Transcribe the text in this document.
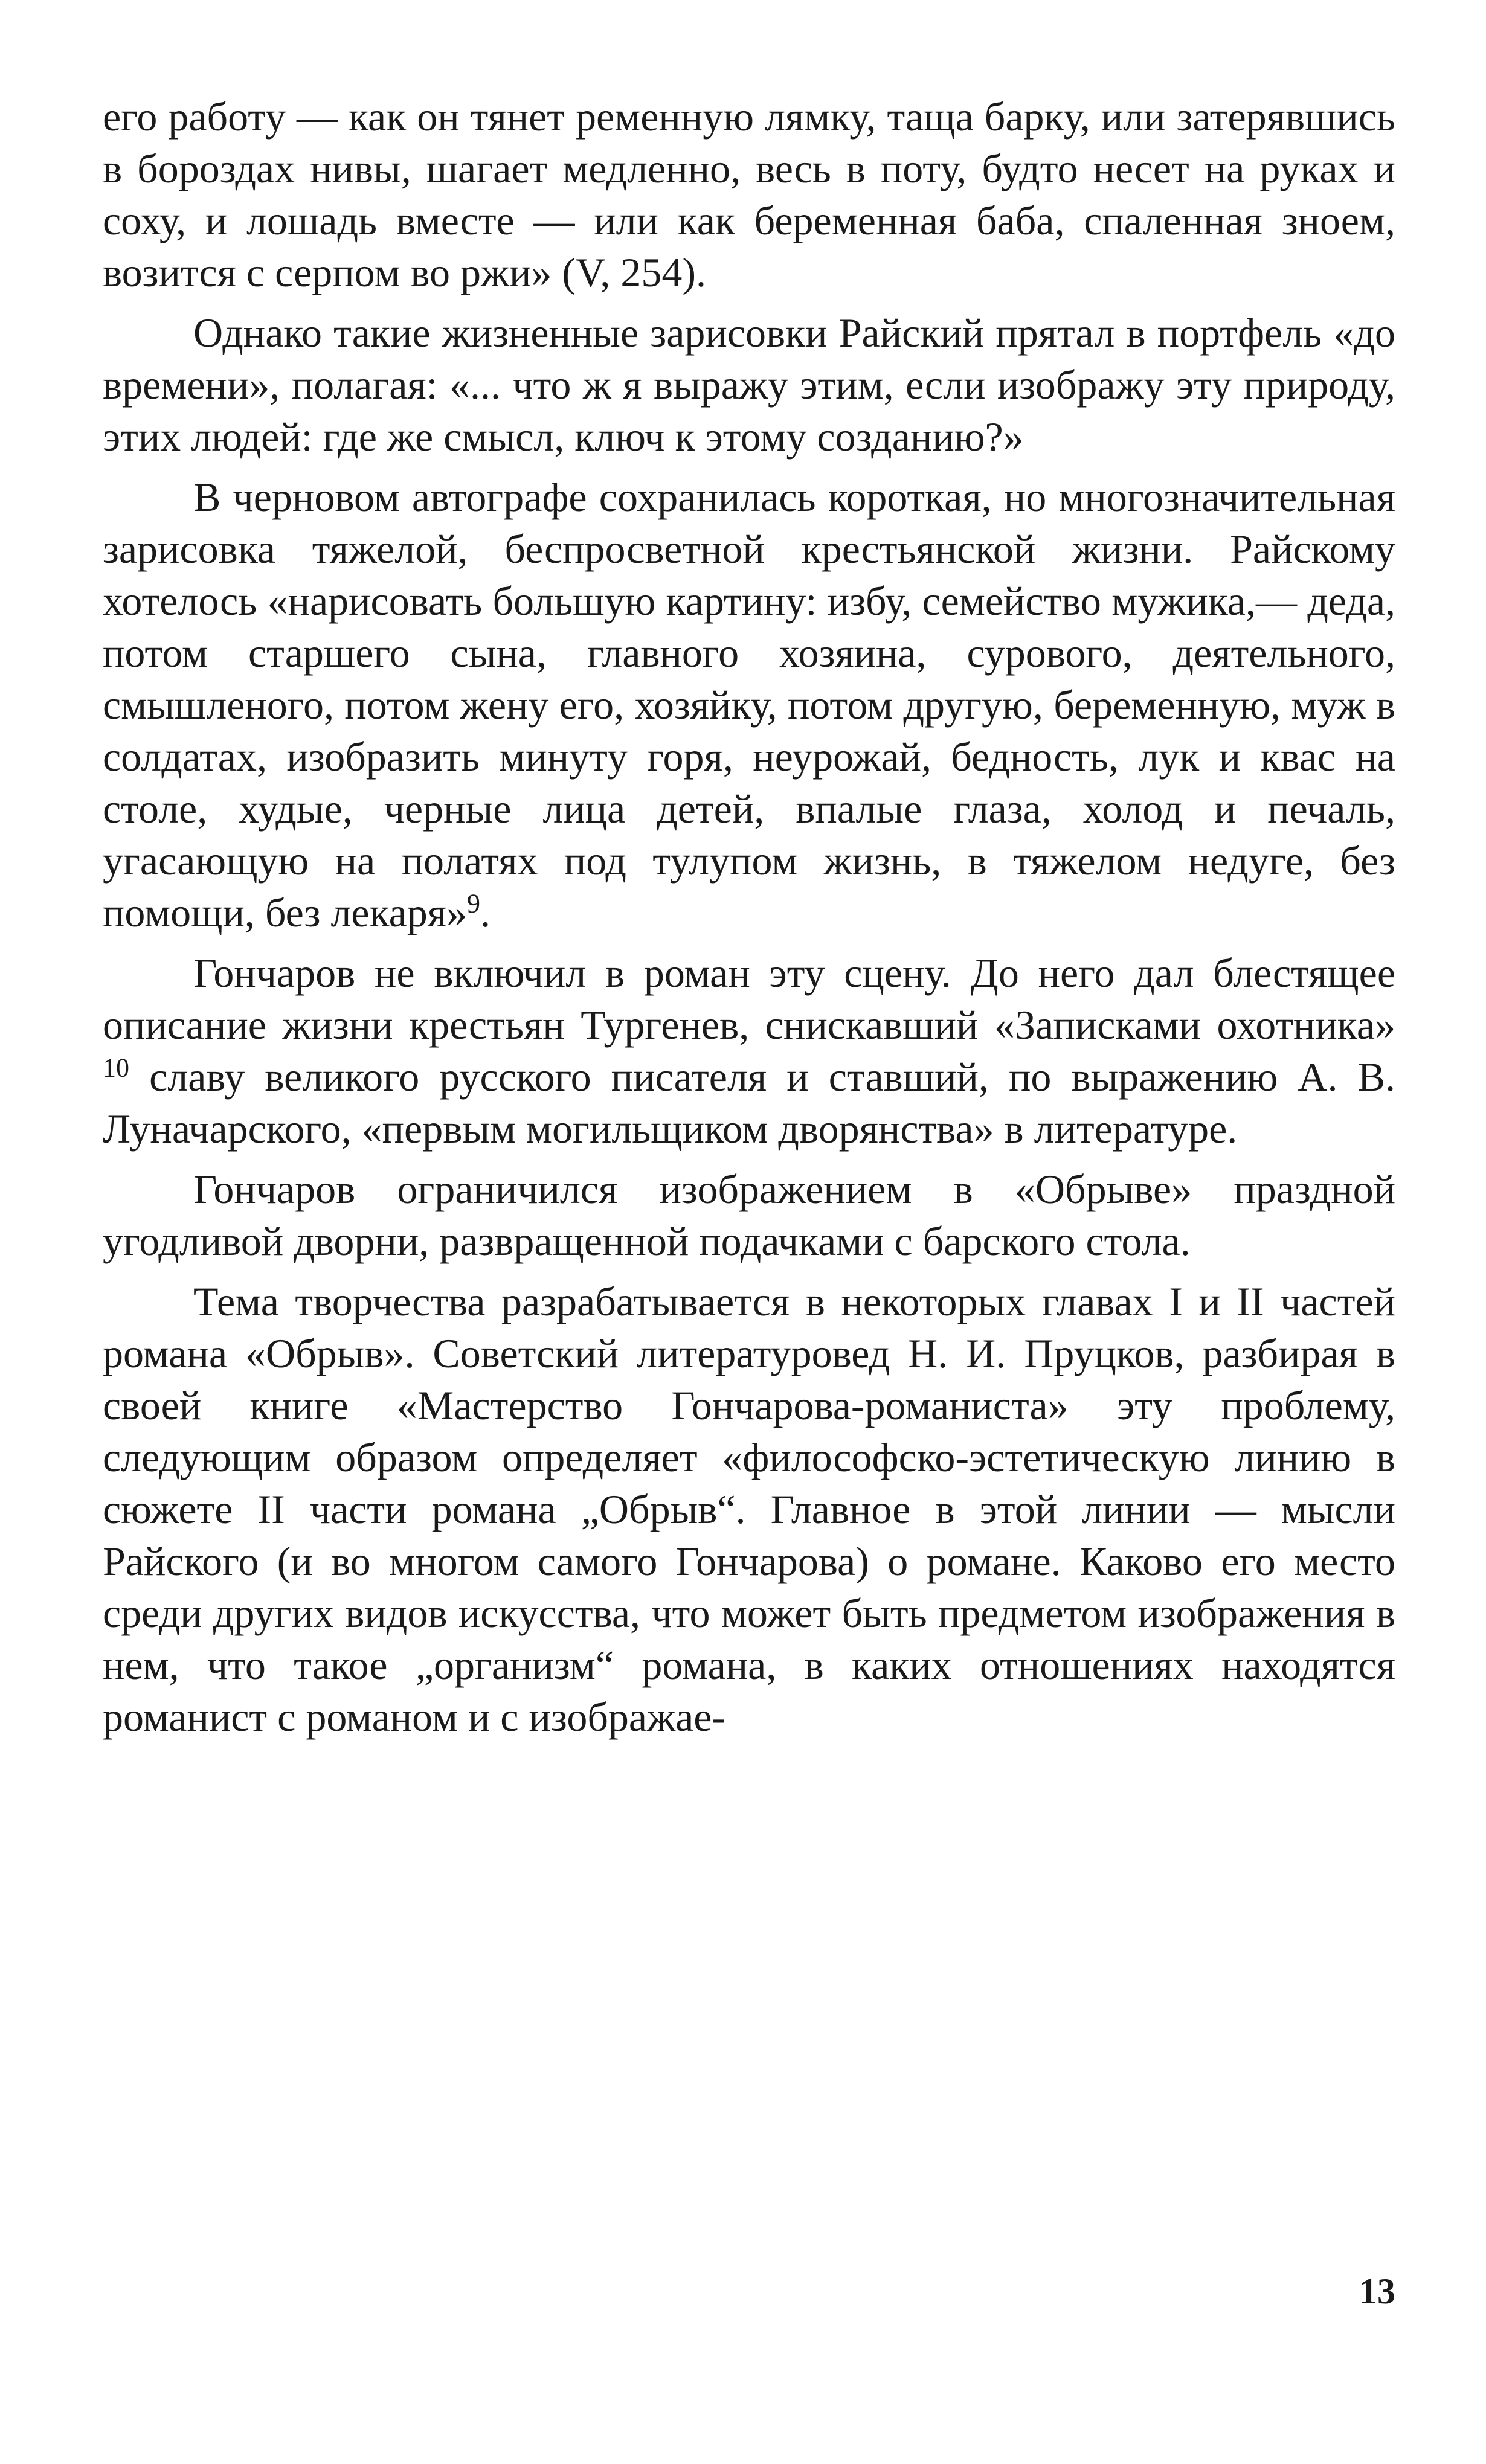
его работу — как он тянет ременную лямку, таща барку, или затерявшись в бороздах нивы, шагает медленно, весь в поту, будто несет на руках и соху, и лошадь вместе — или как беременная баба, спаленная зноем, возится с серпом во ржи» (V, 254).

Однако такие жизненные зарисовки Райский прятал в портфель «до времени», полагая: «... что ж я выражу этим, если изображу эту природу, этих людей: где же смысл, ключ к этому созданию?»

В черновом автографе сохранилась короткая, но многозначительная зарисовка тяжелой, беспросветной крестьянской жизни. Райскому хотелось «нарисовать большую картину: избу, семейство мужика,— деда, потом старшего сына, главного хозяина, сурового, деятельного, смышленого, потом жену его, хозяйку, потом другую, беременную, муж в солдатах, изобразить минуту горя, неурожай, бедность, лук и квас на столе, худые, черные лица детей, впалые глаза, холод и печаль, угасающую на полатях под тулупом жизнь, в тяжелом недуге, без помощи, без лекаря»$^9$.

Гончаров не включил в роман эту сцену. До него дал блестящее описание жизни крестьян Тургенев, снискавший «Записками охотника» $^{10}$ славу великого русского писателя и ставший, по выражению А. В. Луначарского, «первым могильщиком дворянства» в литературе.

Гончаров ограничился изображением в «Обрыве» праздной угодливой дворни, развращенной подачками с барского стола.

Тема творчества разрабатывается в некоторых главах I и II частей романа «Обрыв». Советский литературовед Н. И. Пруцков, разбирая в своей книге «Мастерство Гончарова-романиста» эту проблему, следующим образом определяет «философско-эстетическую линию в сюжете II части романа „Обрыв“. Главное в этой линии — мысли Райского (и во многом самого Гончарова) о романе. Каково его место среди других видов искусства, что может быть предметом изображения в нем, что такое „организм“ романа, в каких отношениях находятся романист с романом и с изображае-

13
